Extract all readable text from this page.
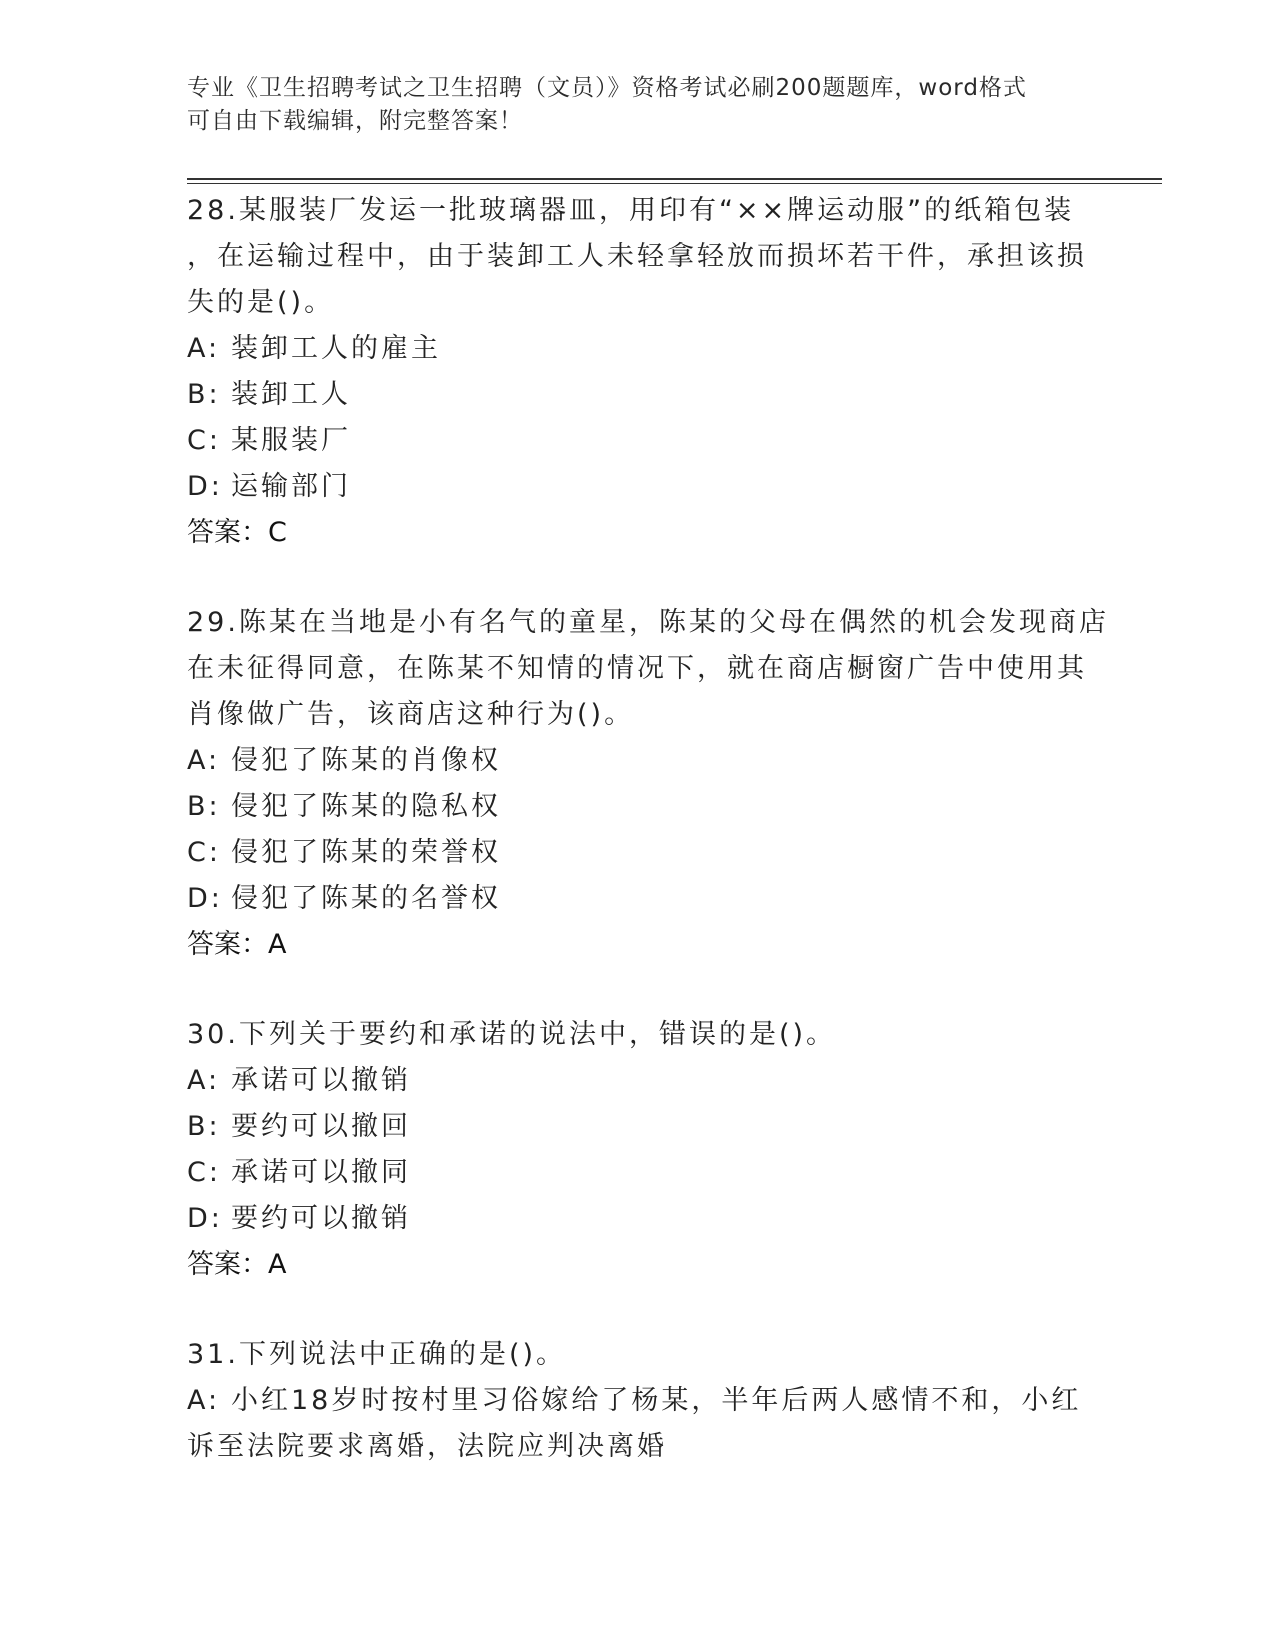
专业《卫生招聘考试之卫生招聘（文员）》资格考试必刷200题题库，word格式
可自由下载编辑，附完整答案！
28.某服装厂发运一批玻璃器皿，用印有“××牌运动服”的纸箱包装
，在运输过程中，由于装卸工人未轻拿轻放而损坏若干件，承担该损
失的是()。
A: 装卸工人的雇主
B: 装卸工人
C: 某服装厂
D: 运输部门
答案：C
29.陈某在当地是小有名气的童星，陈某的父母在偶然的机会发现商店
在未征得同意，在陈某不知情的情况下，就在商店橱窗广告中使用其
肖像做广告，该商店这种行为()。
A: 侵犯了陈某的肖像权
B: 侵犯了陈某的隐私权
C: 侵犯了陈某的荣誉权
D: 侵犯了陈某的名誉权
答案：A
30.下列关于要约和承诺的说法中，错误的是()。
A: 承诺可以撤销
B: 要约可以撤回
C: 承诺可以撤同
D: 要约可以撤销
答案：A
31.下列说法中正确的是()。
A: 小红18岁时按村里习俗嫁给了杨某，半年后两人感情不和，小红
诉至法院要求离婚，法院应判决离婚
